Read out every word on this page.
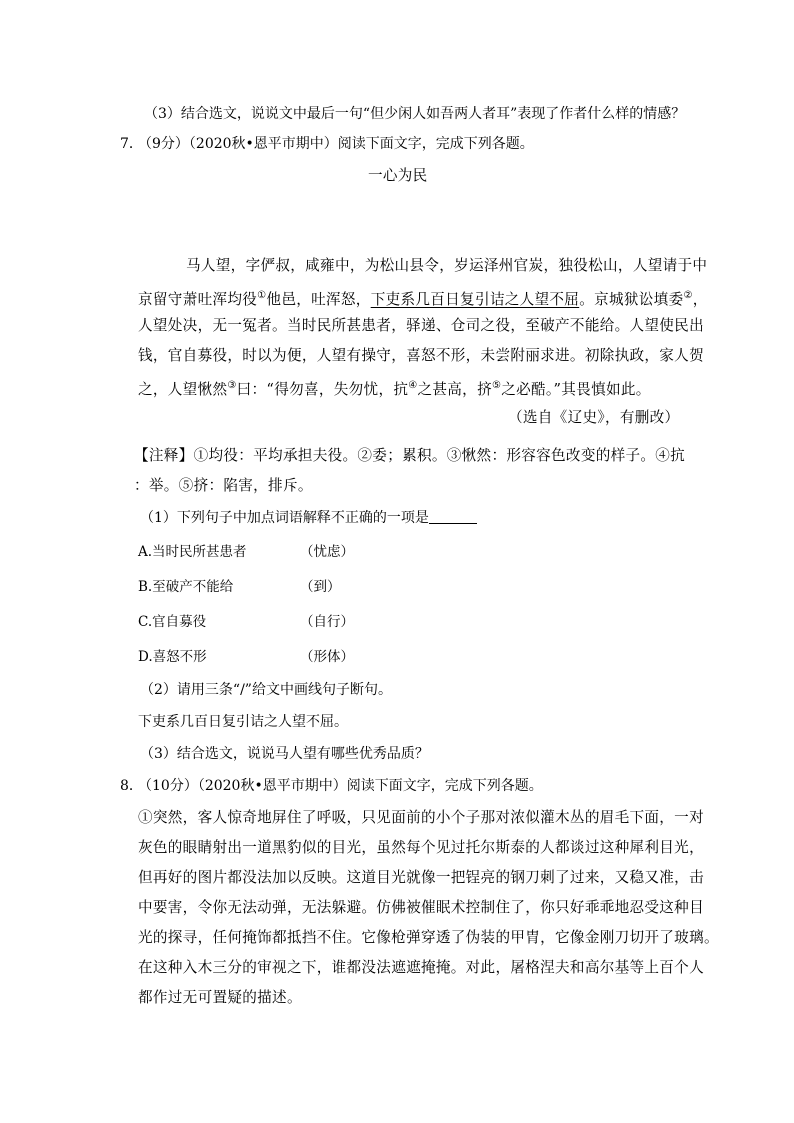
（3）结合选文，说说文中最后一句“但少闲人如吾两人者耳”表现了作者什么样的情感？
7．
（9分）（2020秋•恩平市期中）阅读下面文字，完成下列各题。
一心为民
马人望，字俨叔，咸雍中，为松山县令，岁运泽州官炭，独役松山，人望请于中
京留守萧吐浑均役①他邑，吐浑怒，下吏系几百日复引诘之人望不屈。京城狱讼填委②，
人望处决，无一冤者。当时民所甚患者，驿递、仓司之役，至破产不能给。人望使民出
钱，官自募役，时以为便，人望有操守，喜怒不形，未尝附丽求进。初除执政，家人贺
之，人望愀然③曰：“得勿喜，失勿忧，抗④之甚高，挤⑤之必酷。”其畏慎如此。
（选自《辽史》，有删改）
【注释】①均役：平均承担夫役。②委；累积。③愀然：形容容色改变的样子。④抗
：举。⑤挤：陷害，排斥。
（1）下列句子中加点词语解释不正确的一项是
A.当时民所甚患者	（忧虑）
B.至破产不能给	（到）
C.官自募役	（自行）
D.喜怒不形	（形体）
（2）请用三条“/”给文中画线句子断句。
下吏系几百日复引诘之人望不屈。
（3）结合选文，说说马人望有哪些优秀品质？
8．
（10分）（2020秋•恩平市期中）阅读下面文字，完成下列各题。
①突然，客人惊奇地屏住了呼吸，只见面前的小个子那对浓似灌木丛的眉毛下面，一对
灰色的眼睛射出一道黑豹似的目光，虽然每个见过托尔斯泰的人都谈过这种犀利目光，
但再好的图片都没法加以反映。这道目光就像一把锃亮的钢刀刺了过来，又稳又准，击
中要害，令你无法动弹，无法躲避。仿佛被催眠术控制住了，你只好乖乖地忍受这种目
光的探寻，任何掩饰都抵挡不住。它像枪弹穿透了伪装的甲胄，它像金刚刀切开了玻璃。
在这种入木三分的审视之下，谁都没法遮遮掩掩。对此，屠格涅夫和高尔基等上百个人
都作过无可置疑的描述。
